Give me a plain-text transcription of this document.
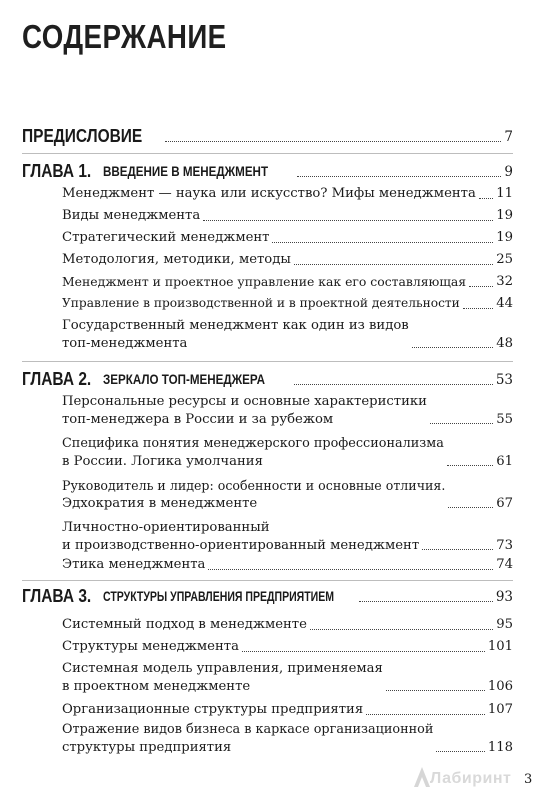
СОДЕРЖАНИЕ
ПРЕДИСЛОВИЕ	7
ГЛАВА 1. ВВЕДЕНИЕ В МЕНЕДЖМЕНТ	9
Менеджмент — наука или искусство? Мифы менеджмента 11
Виды менеджмента	19
Стратегический менеджмент	19
Методология, методики, методы	25
Менеджмент и проектное управление как его составляющая 32
Управление в производственной и в проектной деятельности	44
Государственный менеджмент как один из видов
топ-менеджмента	48
ГЛАВА 2. ЗЕРКАЛО ТОП-МЕНЕДЖЕРА	53
Персональные ресурсы и основные характеристики
топ-менеджера в России и за рубежом	55
Специфика понятия менеджерского профессионализма
в России. Логика умолчания	61
Руководитель и лидер: особенности и основные отличия.
Эдхократия в менеджменте	67
Личностно-ориентированный
и производственно-ориентированный менеджмент	73
Этика менеджмента	74
ГЛАВА 3. СТРУКТУРЫ УПРАВЛЕНИЯ ПРЕДПРИЯТИЕМ	93
Системный подход в менеджменте	95
Структуры менеджмента	101
Системная модель управления, применяемая
в проектном менеджменте	106
Организационные структуры предприятия	107
Отражение видов бизнеса в каркасе организационной
структуры предприятия	118
Лабиринт 3
